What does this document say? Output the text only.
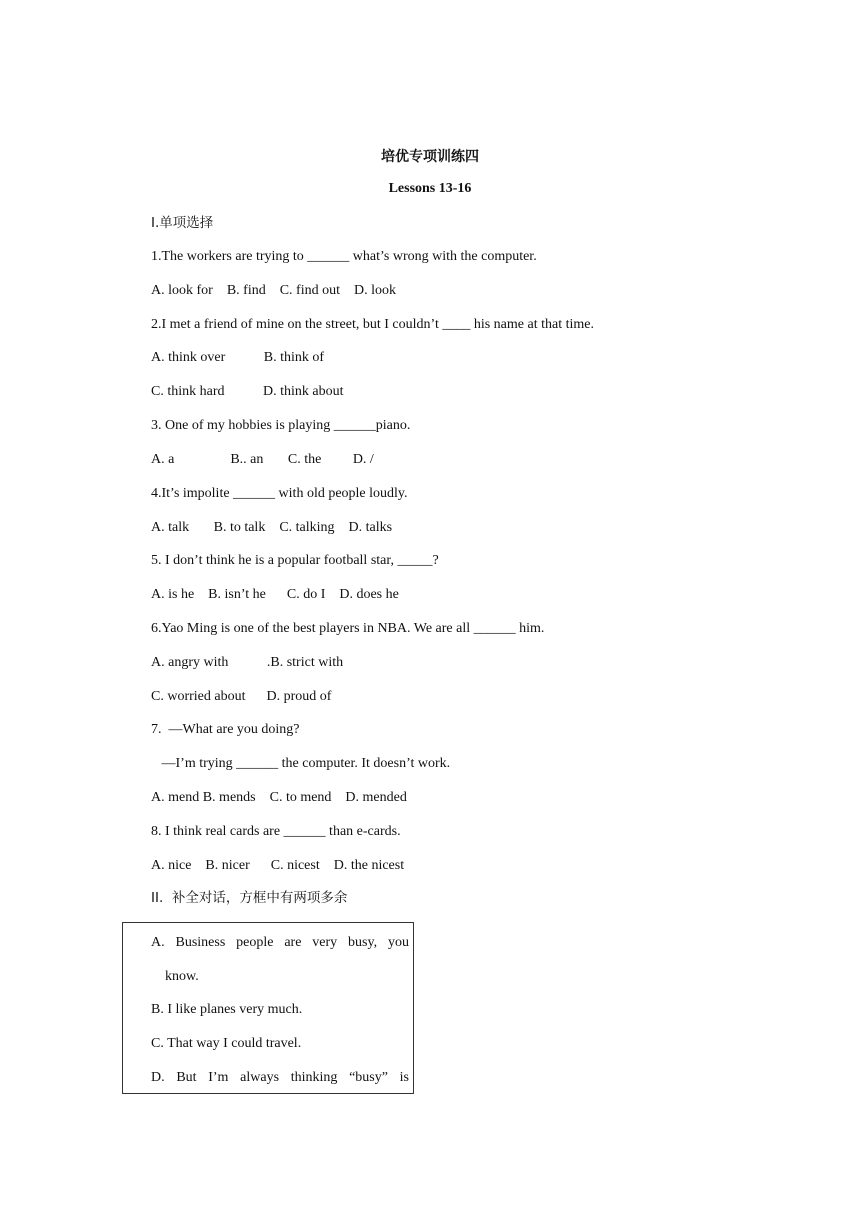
培优专项训练四
Lessons 13-16
I.单项选择
1.The workers are trying to ______ what’s wrong with the computer.
A. look for    B. find    C. find out    D. look
2.I met a friend of mine on the street, but I couldn’t ____ his name at that time.
A. think over           B. think of
C. think hard           D. think about
3. One of my hobbies is playing ______piano.
A. a                B.. an       C. the         D. /
4.It’s impolite ______ with old people loudly.
A. talk       B. to talk    C. talking    D. talks
5. I don’t think he is a popular football star, _____?
A. is he    B. isn’t he      C. do I    D. does he
6.Yao Ming is one of the best players in NBA. We are all ______ him.
A. angry with           .B. strict with
C. worried about      D. proud of
7.  —What are you doing?
—I’m trying ______ the computer. It doesn’t work.
A. mend B. mends    C. to mend    D. mended
8. I think real cards are ______ than e-cards.
A. nice    B. nicer      C. nicest    D. the nicest
II.  补全对话，方框中有两项多余
A. Business people are very busy, you
know.
B. I like planes very much.
C. That way I could travel.
D. But I’m always thinking “busy” is
